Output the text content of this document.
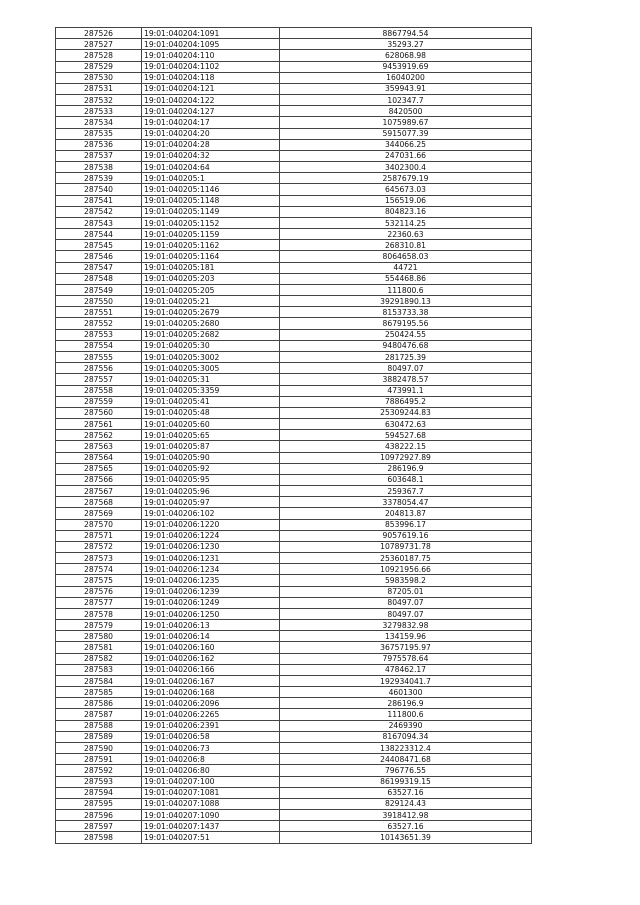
287526	19:01:040204:1091	8867794.54
287527	19:01:040204:1095	35293.27
287528	19:01:040204:110	628068.98
287529	19:01:040204:1102	9453919.69
287530	19:01:040204:118	16040200
287531	19:01:040204:121	359943.91
287532	19:01:040204:122	102347.7
287533	19:01:040204:127	8420500
287534	19:01:040204:17	1075989.67
287535	19:01:040204:20	5915077.39
287536	19:01:040204:28	344066.25
287537	19:01:040204:32	247031.66
287538	19:01:040204:64	3402300.4
287539	19:01:040205:1	2587679.19
287540	19:01:040205:1146	645673.03
287541	19:01:040205:1148	156519.06
287542	19:01:040205:1149	804823.16
287543	19:01:040205:1152	532114.25
287544	19:01:040205:1159	22360.63
287545	19:01:040205:1162	268310.81
287546	19:01:040205:1164	8064658.03
287547	19:01:040205:181	44721
287548	19:01:040205:203	554468.86
287549	19:01:040205:205	111800.6
287550	19:01:040205:21	39291890.13
287551	19:01:040205:2679	8153733.38
287552	19:01:040205:2680	8679195.56
287553	19:01:040205:2682	250424.55
287554	19:01:040205:30	9480476.68
287555	19:01:040205:3002	281725.39
287556	19:01:040205:3005	80497.07
287557	19:01:040205:31	3882478.57
287558	19:01:040205:3359	473991.1
287559	19:01:040205:41	7886495.2
287560	19:01:040205:48	25309244.83
287561	19:01:040205:60	630472.63
287562	19:01:040205:65	594527.68
287563	19:01:040205:87	438222.15
287564	19:01:040205:90	10972927.89
287565	19:01:040205:92	286196.9
287566	19:01:040205:95	603648.1
287567	19:01:040205:96	259367.7
287568	19:01:040205:97	3378054.47
287569	19:01:040206:102	204813.87
287570	19:01:040206:1220	853996.17
287571	19:01:040206:1224	9057619.16
287572	19:01:040206:1230	10789731.78
287573	19:01:040206:1231	25360187.75
287574	19:01:040206:1234	10921956.66
287575	19:01:040206:1235	5983598.2
287576	19:01:040206:1239	87205.01
287577	19:01:040206:1249	80497.07
287578	19:01:040206:1250	80497.07
287579	19:01:040206:13	3279832.98
287580	19:01:040206:14	134159.96
287581	19:01:040206:160	36757195.97
287582	19:01:040206:162	7975578.64
287583	19:01:040206:166	478462.17
287584	19:01:040206:167	192934041.7
287585	19:01:040206:168	4601300
287586	19:01:040206:2096	286196.9
287587	19:01:040206:2265	111800.6
287588	19:01:040206:2391	2469390
287589	19:01:040206:58	8167094.34
287590	19:01:040206:73	138223312.4
287591	19:01:040206:8	24408471.68
287592	19:01:040206:80	796776.55
287593	19:01:040207:100	86199319.15
287594	19:01:040207:1081	63527.16
287595	19:01:040207:1088	829124.43
287596	19:01:040207:1090	3918412.98
287597	19:01:040207:1437	63527.16
287598	19:01:040207:51	10143651.39
